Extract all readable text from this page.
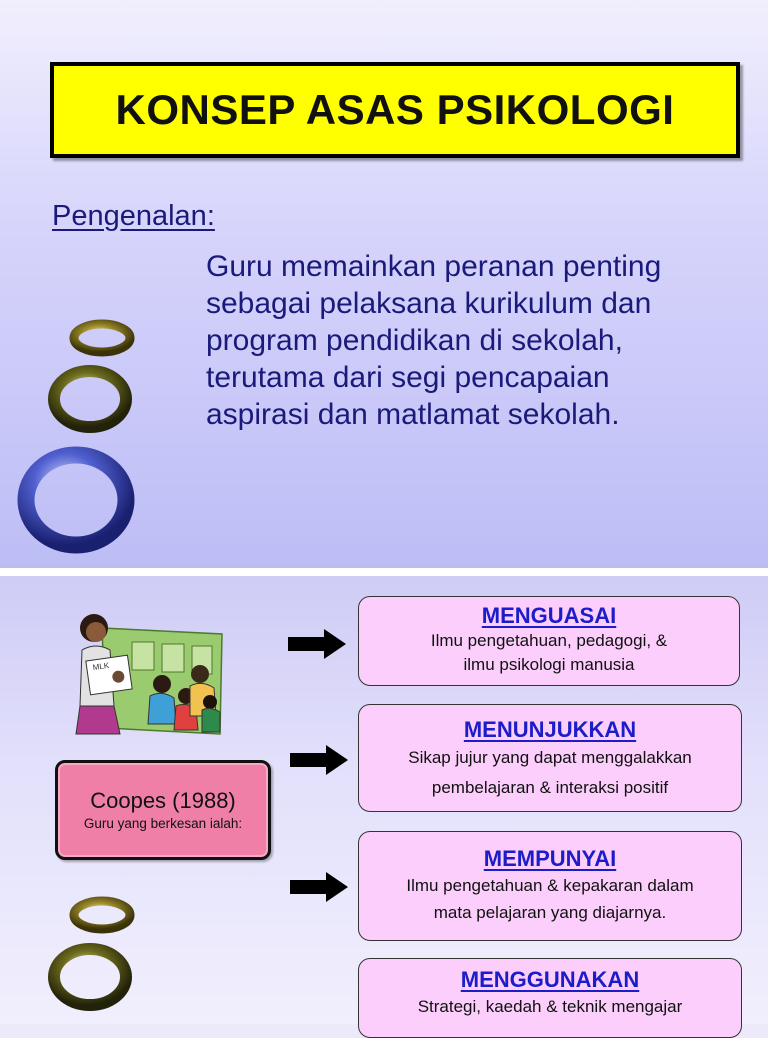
KONSEP ASAS PSIKOLOGI
Pengenalan:
Guru memainkan peranan penting
sebagai pelaksana kurikulum dan
program pendidikan di sekolah,
terutama dari segi pencapaian
aspirasi dan matlamat sekolah.
MLK
Coopes (1988)
Guru yang berkesan ialah:
MENGUASAI
Ilmu pengetahuan, pedagogi, &
ilmu psikologi manusia
MENUNJUKKAN
Sikap jujur yang dapat menggalakkan
pembelajaran & interaksi positif
MEMPUNYAI
Ilmu pengetahuan & kepakaran dalam
mata pelajaran yang diajarnya.
MENGGUNAKAN
Strategi, kaedah & teknik mengajar
